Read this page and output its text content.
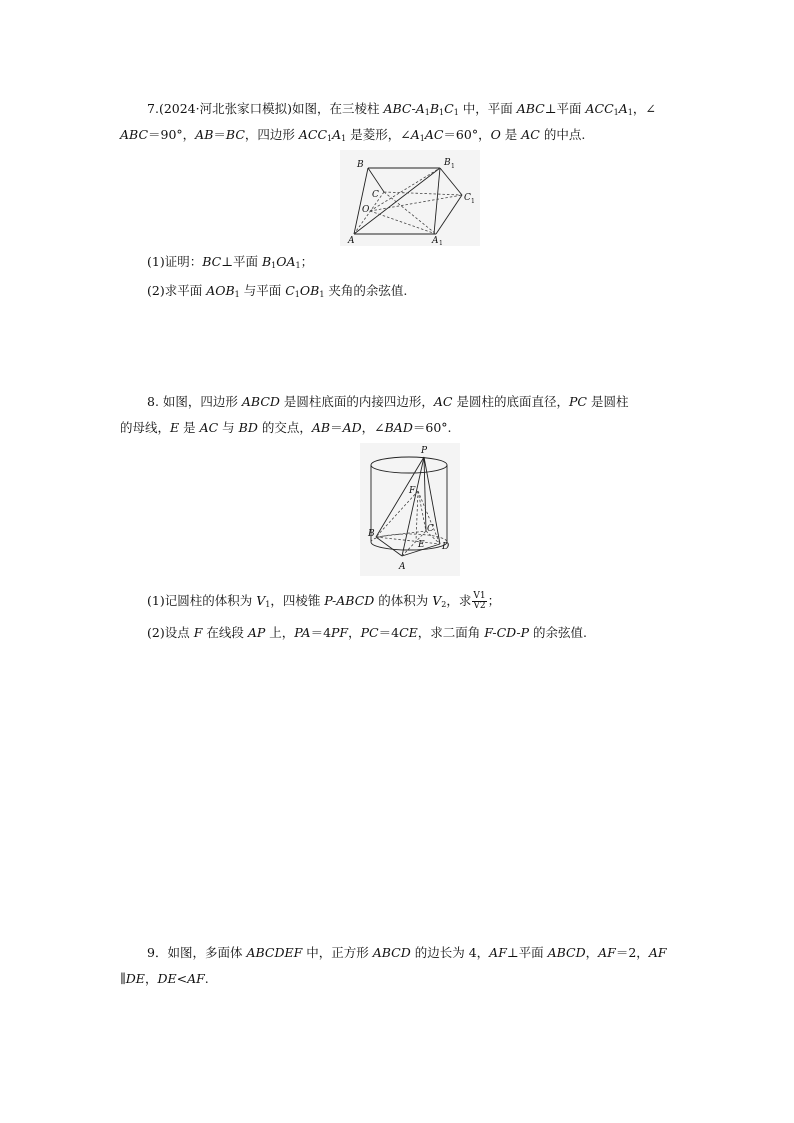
7.(2024·河北张家口模拟)如图，在三棱柱 ABC-$A_1B_1C_1$ 中，平面 ABC⊥平面 $ACC_1A_1$，∠
ABC＝90°，AB＝BC，四边形 $ACC_1A_1$ 是菱形，$\angle A_1AC=60^\circ$，O 是 AC 的中点.
B	B 1
C	C 1
O
A	A 1
(1)证明：BC⊥平面 $B_1OA_1$；
(2)求平面 $AOB_1$ 与平面 $C_1OB_1$ 夹角的余弦值.
8. 如图，四边形 ABCD 是圆柱底面的内接四边形，AC 是圆柱的底面直径，PC 是圆柱
的母线，E 是 AC 与 BD 的交点，AB＝AD，∠BAD＝60°.
P
F
B	C
E D
A
(1)记圆柱的体积为 $V_1$，四棱锥 P-ABCD 的体积为 $V_2$，求 $\frac{V1}{V2}$ ；
(2)设点 F 在线段 AP 上，PA＝4PF，PC＝4CE，求二面角 F-CD-P 的余弦值.
9．如图，多面体 ABCDEF 中，正方形 ABCD 的边长为 4，AF⊥平面 ABCD，AF＝2，AF
∥DE，DE<AF.
